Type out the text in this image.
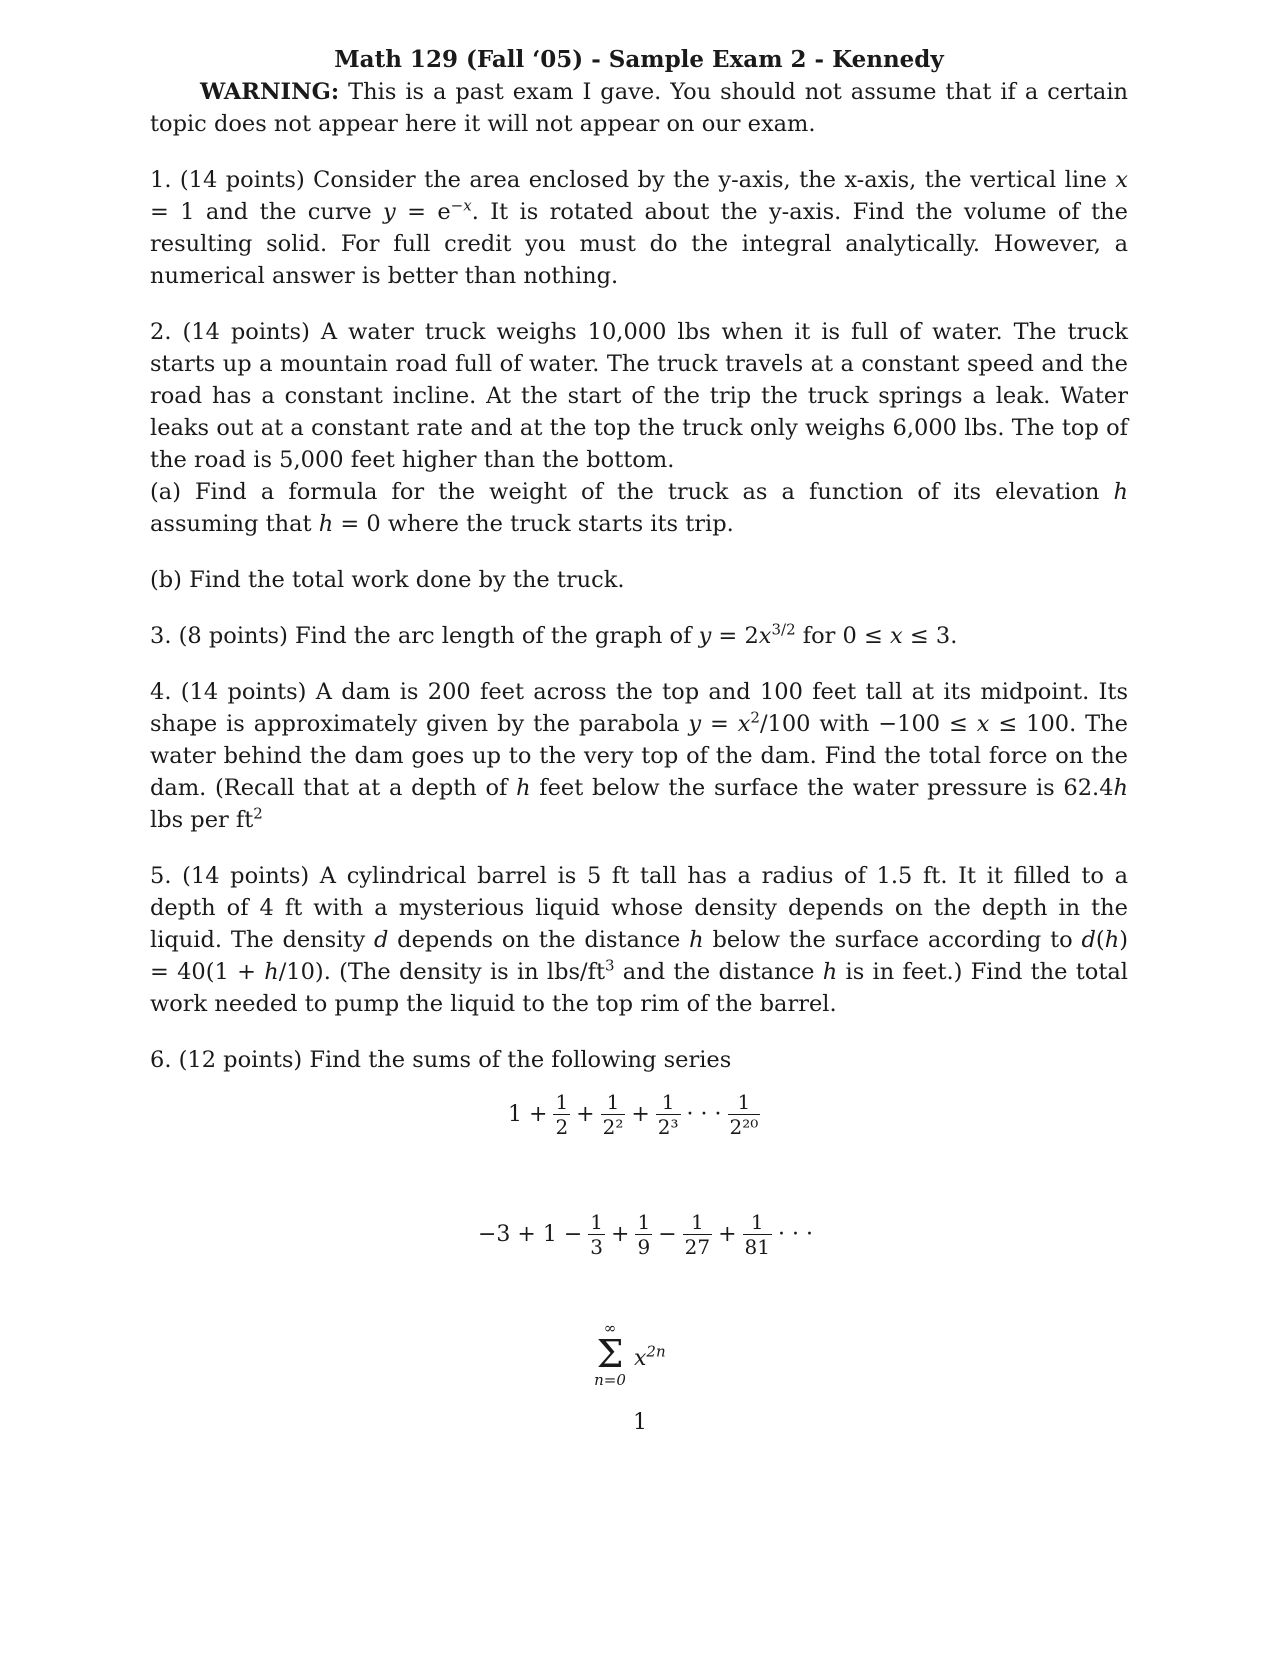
Math 129 (Fall ‘05) - Sample Exam 2 - Kennedy

WARNING: This is a past exam I gave. You should not assume that if a certain topic does not appear here it will not appear on our exam.

1. (14 points) Consider the area enclosed by the y-axis, the x-axis, the vertical line x = 1 and the curve $y = e^{-x}$. It is rotated about the y-axis. Find the volume of the resulting solid. For full credit you must do the integral analytically. However, a numerical answer is better than nothing.

2. (14 points) A water truck weighs 10,000 lbs when it is full of water. The truck starts up a mountain road full of water. The truck travels at a constant speed and the road has a constant incline. At the start of the trip the truck springs a leak. Water leaks out at a constant rate and at the top the truck only weighs 6,000 lbs. The top of the road is 5,000 feet higher than the bottom.

(a) Find a formula for the weight of the truck as a function of its elevation h assuming that h = 0 where the truck starts its trip.

(b) Find the total work done by the truck.

3. (8 points) Find the arc length of the graph of $y = 2x^{3/2}$ for 0 ≤ x ≤ 3.

4. (14 points) A dam is 200 feet across the top and 100 feet tall at its midpoint. Its shape is approximately given by the parabola $y = x^2/100$ with −100 ≤ x ≤ 100. The water behind the dam goes up to the very top of the dam. Find the total force on the dam. (Recall that at a depth of h feet below the surface the water pressure is 62.4h lbs per $ft^2$

5. (14 points) A cylindrical barrel is 5 ft tall has a radius of 1.5 ft. It it filled to a depth of 4 ft with a mysterious liquid whose density depends on the depth in the liquid. The density d depends on the distance h below the surface according to d(h) = 40(1 + h/10). (The density is in lbs/$ft^3$ and the distance h is in feet.) Find the total work needed to pump the liquid to the top rim of the barrel.

6. (12 points) Find the sums of the following series

$1 + \frac{1}{2} + \frac{1}{\text{2²}} + \frac{1}{\text{2³}}$ · · · $\frac{1}{\text{2²⁰}}$
$-3 + 1 - \frac{1}{3} + \frac{1}{9} - \frac{1}{27} + \frac{1}{81}$ · · ·
∞
Σ
n=0
$x^{2n}$
1
